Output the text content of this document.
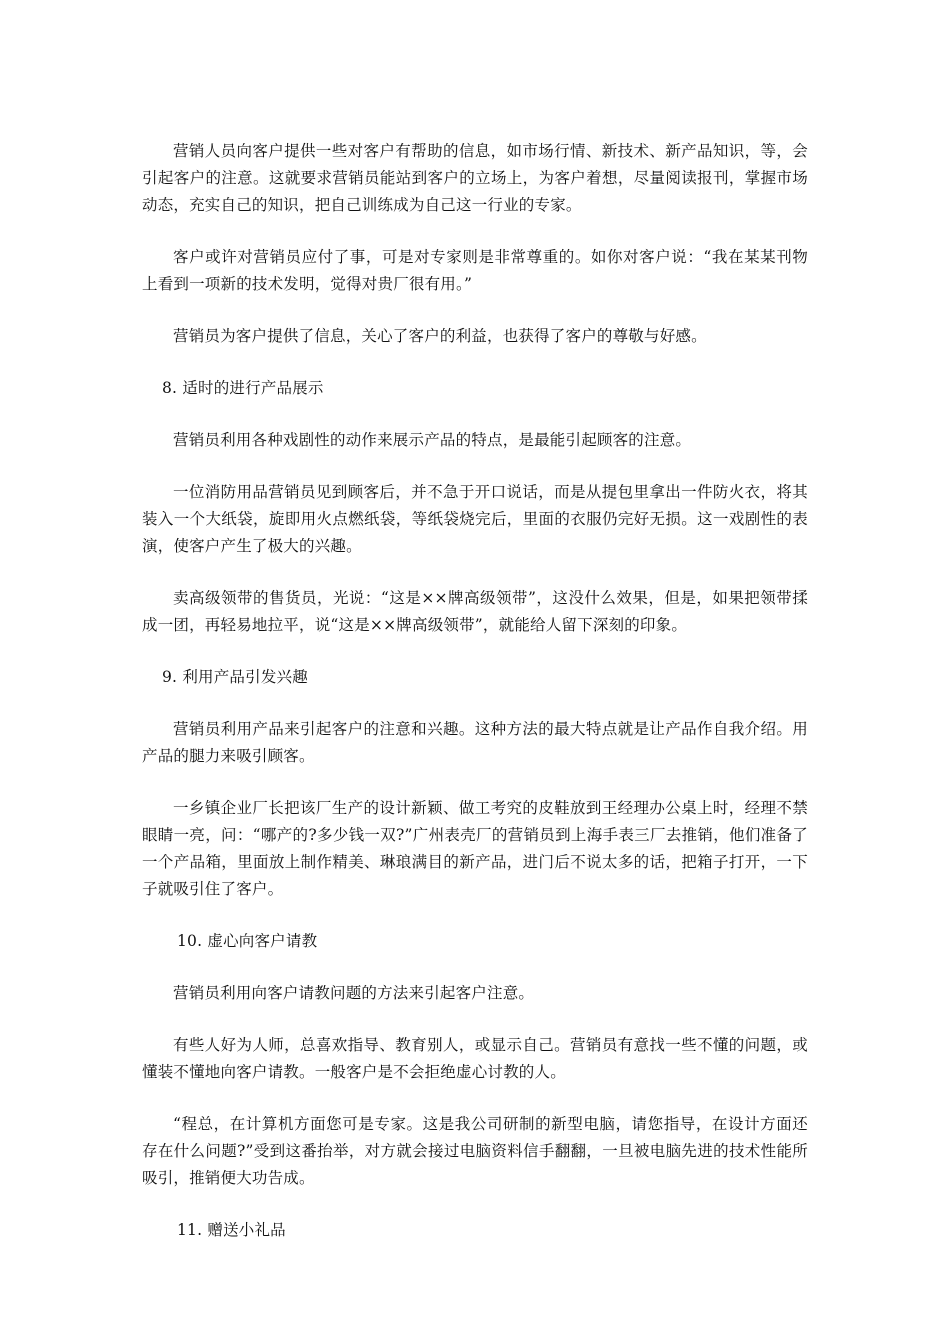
营销人员向客户提供一些对客户有帮助的信息，如市场行情、新技术、新产品知识，等，会引起客户的注意。这就要求营销员能站到客户的立场上，为客户着想，尽量阅读报刊，掌握市场动态，充实自己的知识，把自己训练成为自己这一行业的专家。

客户或许对营销员应付了事，可是对专家则是非常尊重的。如你对客户说：“我在某某刊物上看到一项新的技术发明，觉得对贵厂很有用。”

营销员为客户提供了信息，关心了客户的利益，也获得了客户的尊敬与好感。

8. 适时的进行产品展示

营销员利用各种戏剧性的动作来展示产品的特点，是最能引起顾客的注意。

一位消防用品营销员见到顾客后，并不急于开口说话，而是从提包里拿出一件防火衣，将其装入一个大纸袋，旋即用火点燃纸袋，等纸袋烧完后，里面的衣服仍完好无损。这一戏剧性的表演，使客户产生了极大的兴趣。

卖高级领带的售货员，光说：“这是××牌高级领带”，这没什么效果，但是，如果把领带揉成一团，再轻易地拉平，说“这是××牌高级领带”，就能给人留下深刻的印象。

9. 利用产品引发兴趣

营销员利用产品来引起客户的注意和兴趣。这种方法的最大特点就是让产品作自我介绍。用产品的腿力来吸引顾客。

一乡镇企业厂长把该厂生产的设计新颖、做工考究的皮鞋放到王经理办公桌上时，经理不禁眼睛一亮，问：“哪产的?多少钱一双?”广州表壳厂的营销员到上海手表三厂去推销，他们准备了一个产品箱，里面放上制作精美、琳琅满目的新产品，进门后不说太多的话，把箱子打开，一下子就吸引住了客户。

10. 虚心向客户请教

营销员利用向客户请教问题的方法来引起客户注意。

有些人好为人师，总喜欢指导、教育别人，或显示自己。营销员有意找一些不懂的问题，或懂装不懂地向客户请教。一般客户是不会拒绝虚心讨教的人。

“程总，在计算机方面您可是专家。这是我公司研制的新型电脑，请您指导，在设计方面还存在什么问题?”受到这番抬举，对方就会接过电脑资料信手翻翻，一旦被电脑先进的技术性能所吸引，推销便大功告成。

11. 赠送小礼品
